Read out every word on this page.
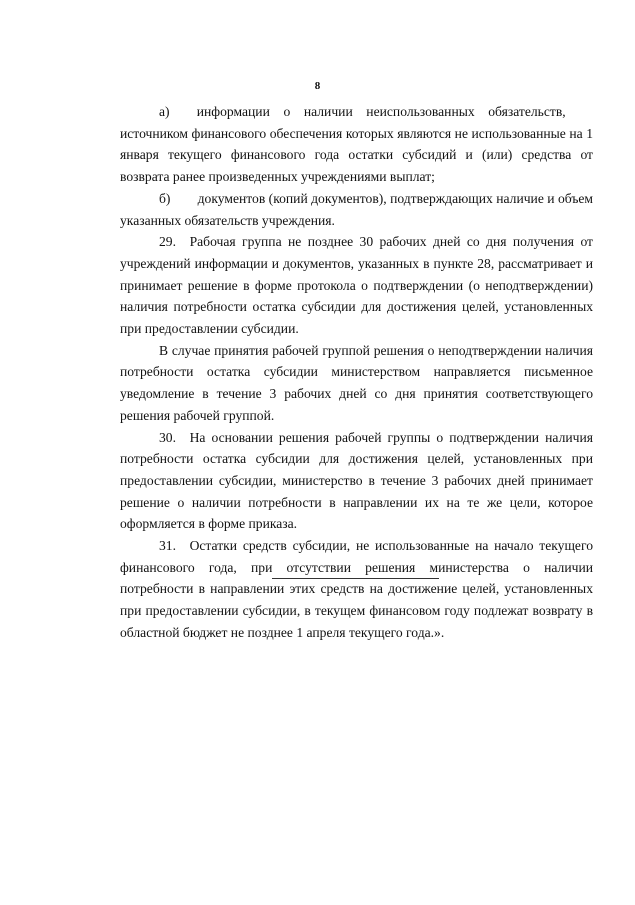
8

а)  информации о наличии неиспользованных обязательств, источником финансового обеспечения которых являются не использованные на 1 января текущего финансового года остатки субсидий и (или) средства от возврата ранее произведенных учреждениями выплат;

б)  документов (копий документов), подтверждающих наличие и объем указанных обязательств учреждения.

29. Рабочая группа не позднее 30 рабочих дней со дня получения от учреждений информации и документов, указанных в пункте 28, рассматривает и принимает решение в форме протокола о подтверждении (о неподтверждении) наличия потребности остатка субсидии для достижения целей, установленных при предоставлении субсидии.

В случае принятия рабочей группой решения о неподтверждении наличия потребности остатка субсидии министерством направляется письменное уведомление в течение 3 рабочих дней со дня принятия соответствующего решения рабочей группой.

30. На основании решения рабочей группы о подтверждении наличия потребности остатка субсидии для достижения целей, установленных при предоставлении субсидии, министерство в течение 3 рабочих дней принимает решение о наличии потребности в направлении их на те же цели, которое оформляется в форме приказа.

31. Остатки средств субсидии, не использованные на начало текущего финансового года, при отсутствии решения министерства о наличии потребности в направлении этих средств на достижение целей, установленных при предоставлении субсидии, в текущем финансовом году подлежат возврату в областной бюджет не позднее 1 апреля текущего года.».
